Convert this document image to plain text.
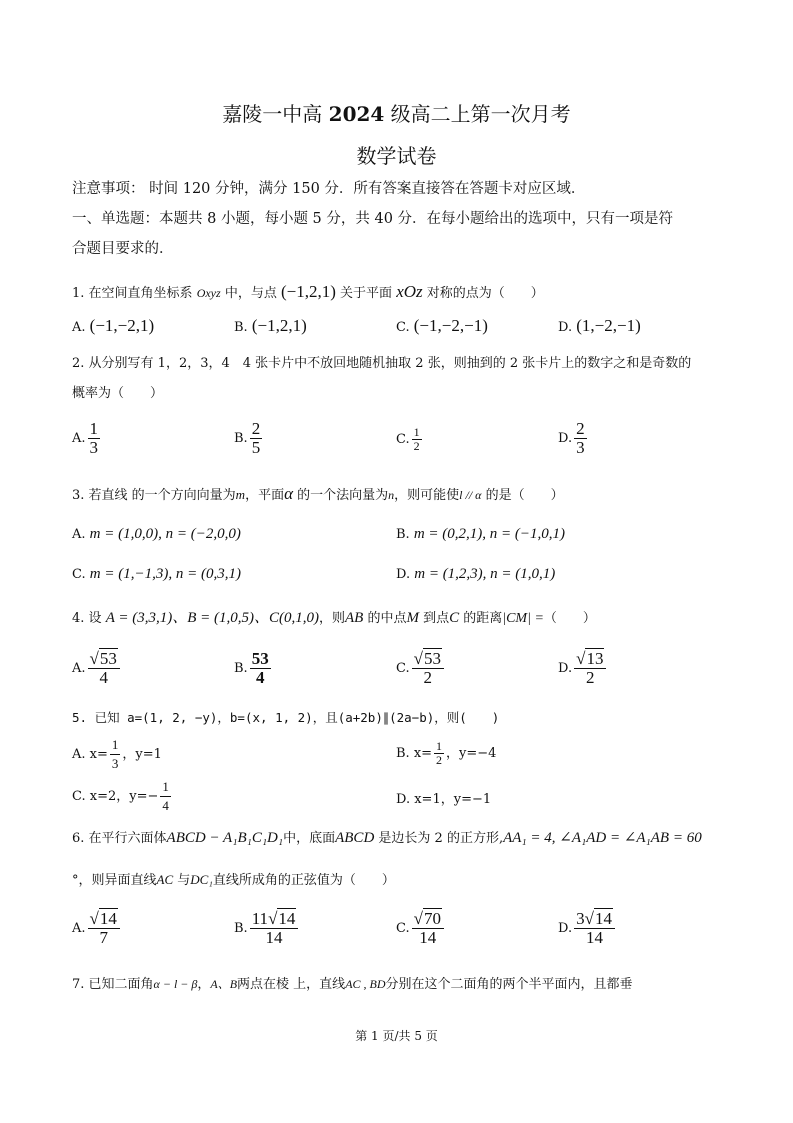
嘉陵一中高 2024 级高二上第一次月考
数学试卷
注意事项： 时间 120 分钟，满分 150 分．所有答案直接答在答题卡对应区域．
一、单选题：本题共 8 小题，每小题 5 分，共 40 分．在每小题给出的选项中，只有一项是符
合题目要求的．
1. 在空间直角坐标系 Oxyz 中，与点 (−1,2,1) 关于平面 xOz 对称的点为（　　）
A. (−1,−2,1)	B. (−1,2,1)	C. (−1,−2,−1)	D. (1,−2,−1)
2. 从分别写有 1，2，3，4　4 张卡片中不放回地随机抽取 2 张，则抽到的 2 张卡片上的数字之和是奇数的
概率为（　　）
A. $\frac{1}{3}$	B. $\frac{2}{5}$	C. $\frac{1}{2}$	D. $\frac{2}{3}$
3. 若直线 的一个方向向量为m，平面α 的一个法向量为n，则可能使l // α 的是（　　）
A. m = (1,0,0), n = (−2,0,0)	B. m = (0,2,1), n = (−1,0,1)
C. m = (1,−1,3), n = (0,3,1)	D. m = (1,2,3), n = (1,0,1)
4. 设 A = (3,3,1)、B = (1,0,5)、C(0,1,0)，则AB 的中点M 到点C 的距离|CM| =（　　）
A. $\frac{√53}{4}$	B. $\frac{53}{4}$	C. $\frac{√53}{2}$	D. $\frac{√13}{2}$
5. 已知 a=(1, 2, −y)，b=(x, 1, 2)，且(a+2b)∥(2a−b)，则(　　)
A. $x= \frac{1}{3}$ ，y=1	B. $x= \frac{1}{2}$ ，y=−4
C. x=2，$y=- \frac{1}{4}$	D. x=1，y=−1
6. 在平行六面体ABCD − A₁B₁C₁D₁中，底面ABCD 是边长为 2 的正方形,AA₁ = 4, ∠A₁AD = ∠A₁AB = 60
°，则异面直线AC 与DC₁直线所成角的正弦值为（　　）
A. $\frac{√14}{7}$	B. $\frac{11√14}{14}$	C. $\frac{√70}{14}$	D. $\frac{3√14}{14}$
7. 已知二面角α − l − β，A、B两点在棱 上，直线AC , BD分别在这个二面角的两个半平面内，且都垂
第 1 页/共 5 页
